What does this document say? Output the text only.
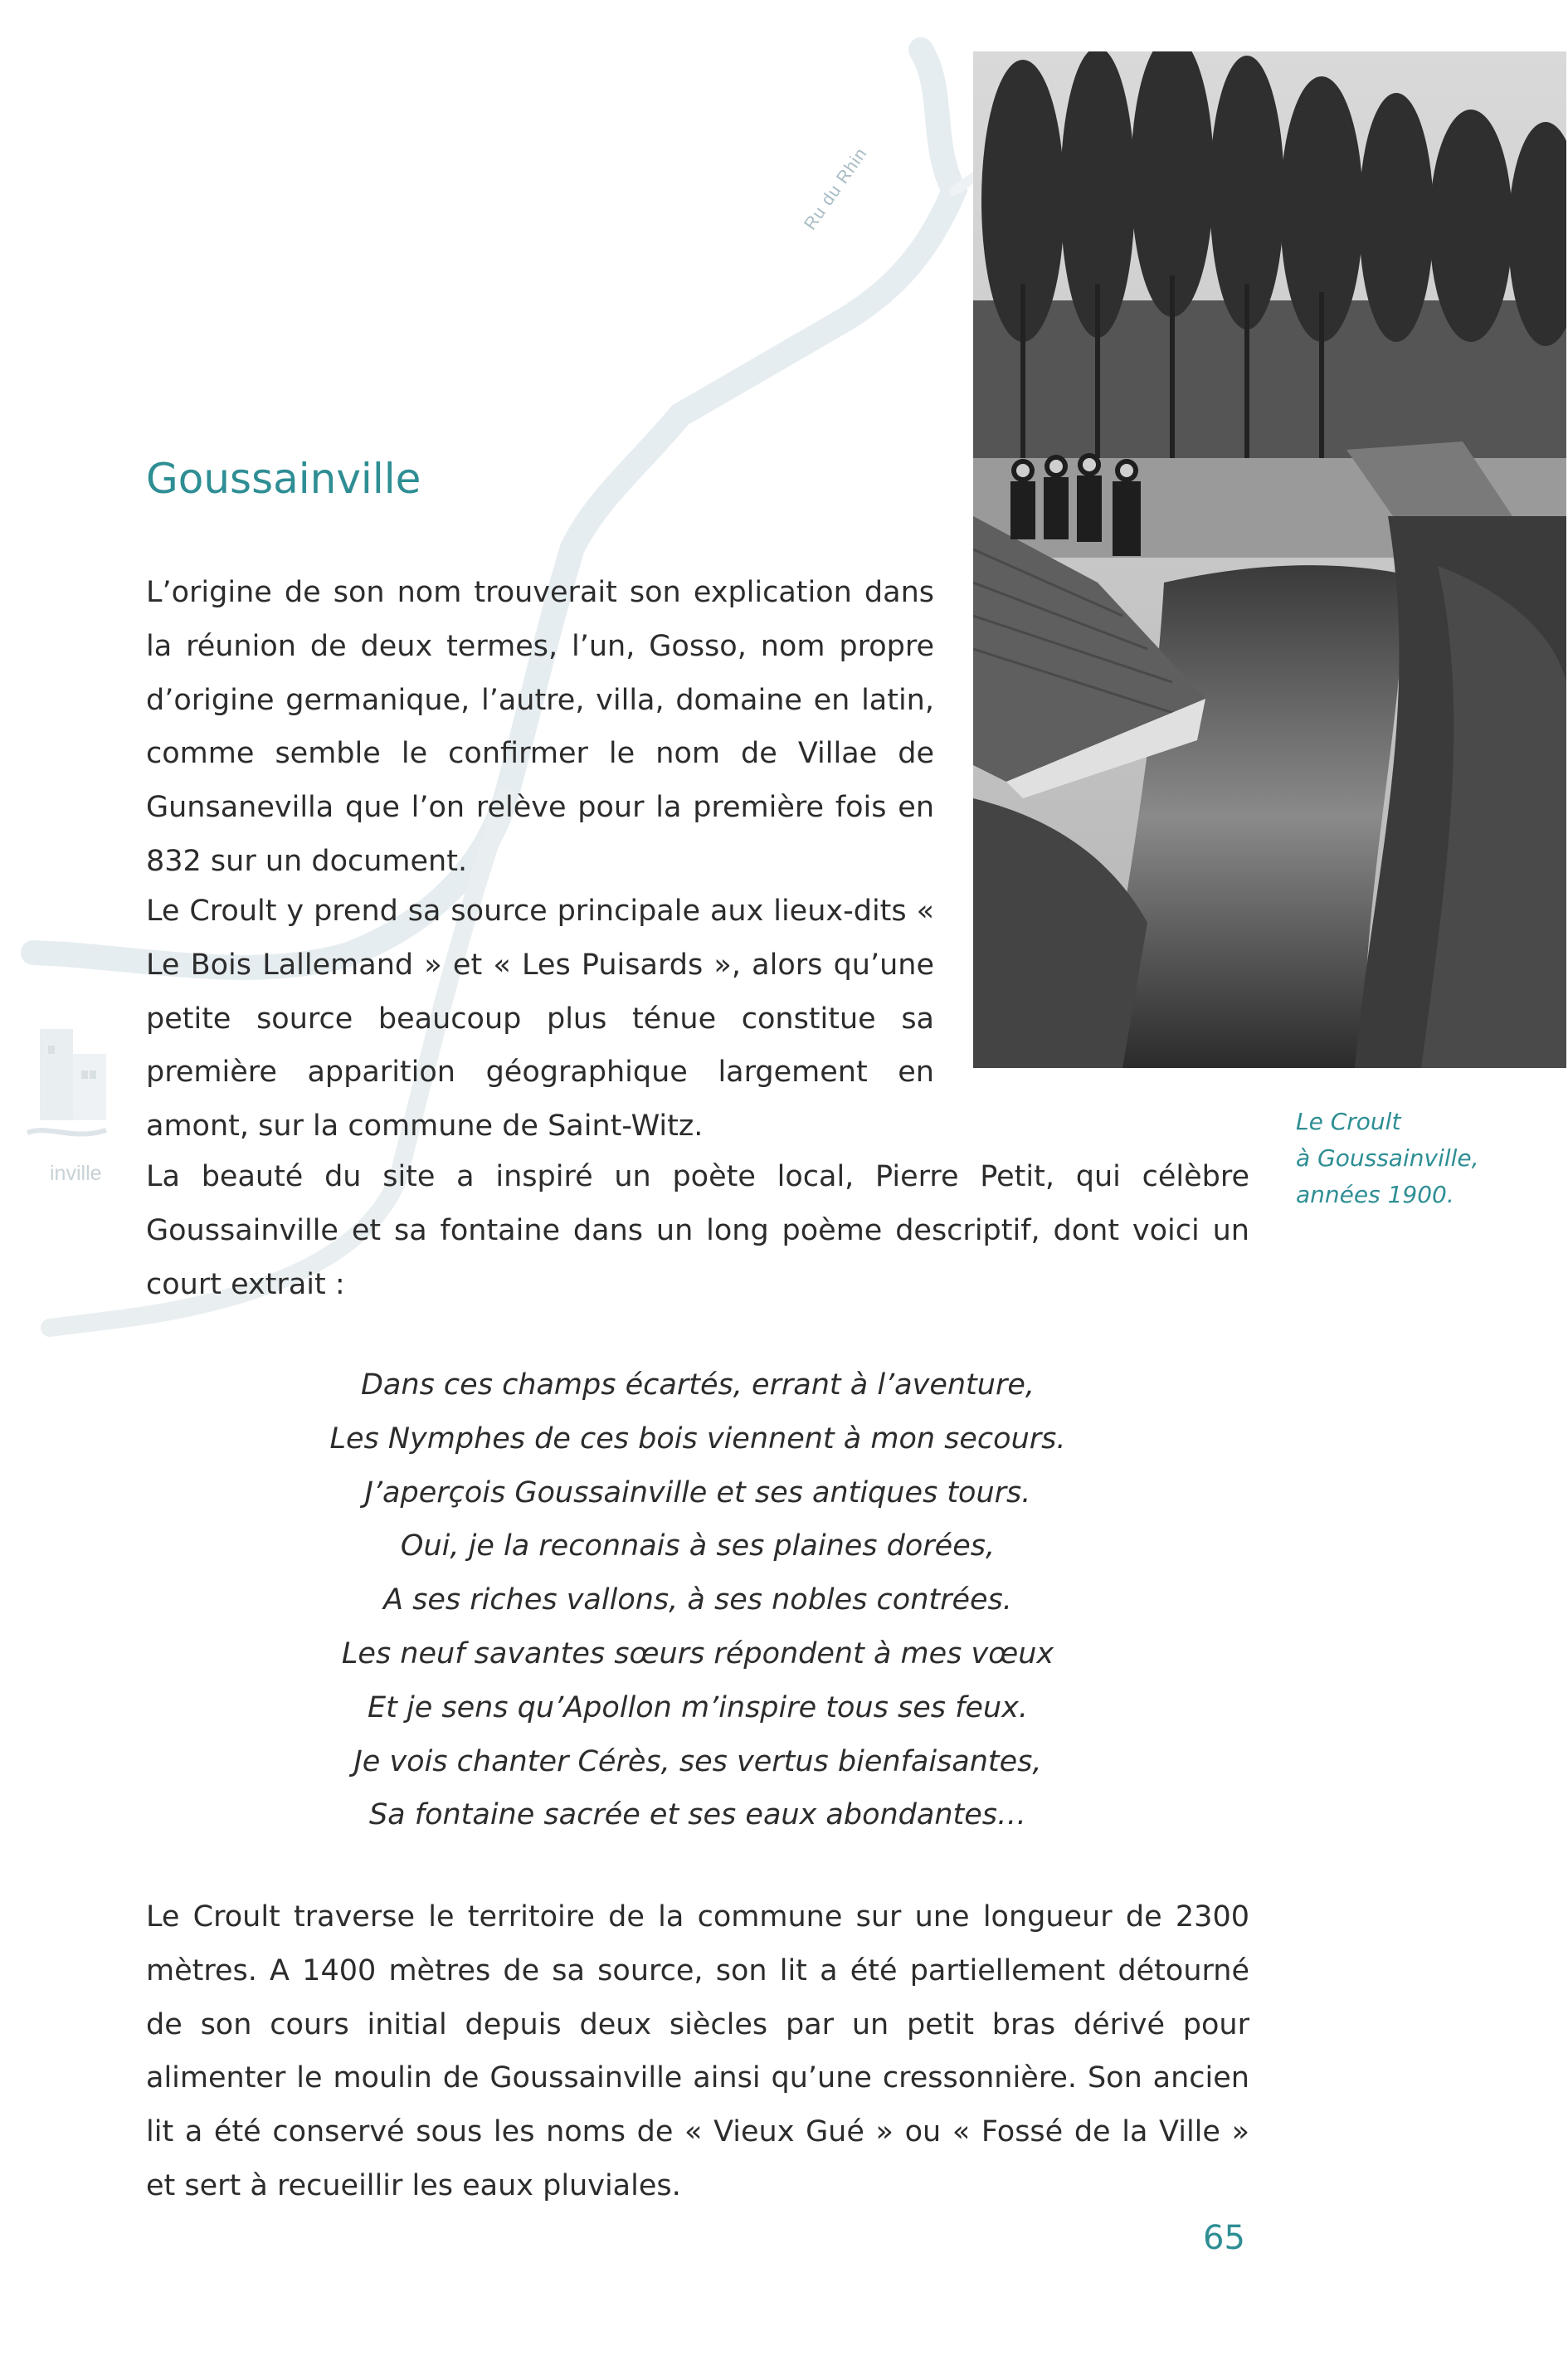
Ru du Rhin
inville
Le Croult
à Goussainville,
années 1900.
Goussainville

L’origine de son nom trouverait son explication dans la réunion de deux termes, l’un, Gosso, nom propre d’origine germanique, l’autre, villa, domaine en latin, comme semble le confirmer le nom de Villae de Gunsanevilla que l’on relève pour la première fois en 832 sur un document.

Le Croult y prend sa source principale aux lieux-dits « Le Bois Lallemand » et « Les Puisards », alors qu’une petite source beaucoup plus ténue constitue sa première apparition géographique largement en amont, sur la commune de Saint-Witz.

La beauté du site a inspiré un poète local, Pierre Petit, qui célèbre Goussainville et sa fontaine dans un long poème descriptif, dont voici un court extrait :

Dans ces champs écartés, errant à l’aventure,
Les Nymphes de ces bois viennent à mon secours.
J’aperçois Goussainville et ses antiques tours.
Oui, je la reconnais à ses plaines dorées,
A ses riches vallons, à ses nobles contrées.
Les neuf savantes sœurs répondent à mes vœux
Et je sens qu’Apollon m’inspire tous ses feux.
Je vois chanter Cérès, ses vertus bienfaisantes,
Sa fontaine sacrée et ses eaux abondantes…

Le Croult traverse le territoire de la commune sur une longueur de 2300 mètres. A 1400 mètres de sa source, son lit a été partiellement détourné de son cours initial depuis deux siècles par un petit bras dérivé pour alimenter le moulin de Goussainville ainsi qu’une cressonnière. Son ancien lit a été conservé sous les noms de « Vieux Gué » ou « Fossé de la Ville » et sert à recueillir les eaux pluviales.

65
